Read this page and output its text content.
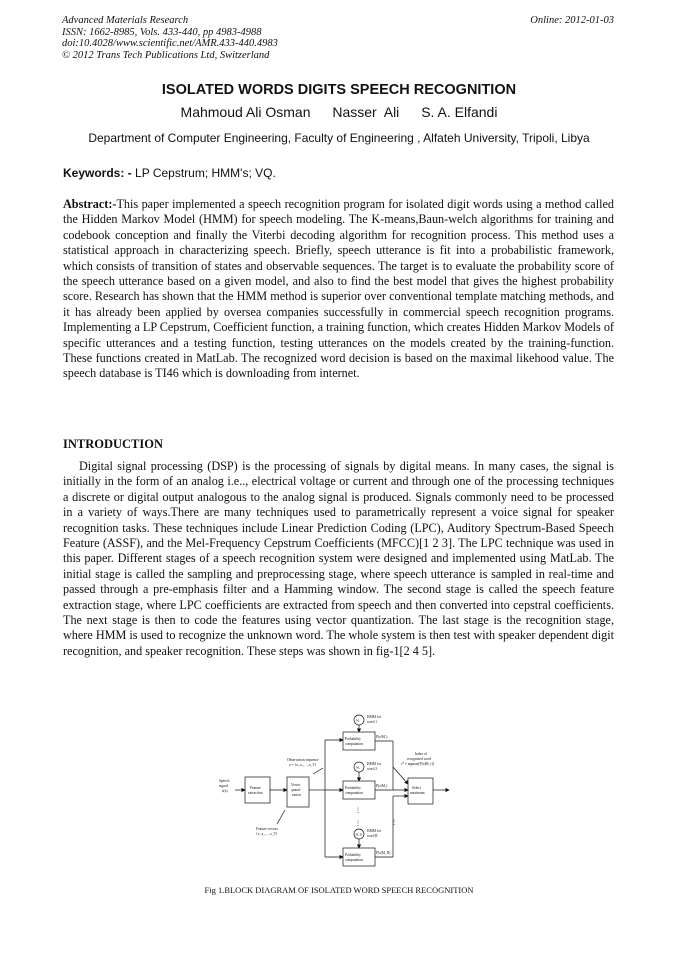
Advanced Materials Research
ISSN: 1662-8985, Vols. 433-440, pp 4983-4988
doi:10.4028/www.scientific.net/AMR.433-440.4983
© 2012 Trans Tech Publications Ltd, Switzerland
Online: 2012-01-03
ISOLATED WORDS DIGITS SPEECH RECOGNITION
Mahmoud Ali Osman Nasser  Ali S. A. Elfandi
Department of Computer Engineering, Faculty of Engineering , Alfateh University, Tripoli, Libya
Keywords: - LP Cepstrum; HMM's; VQ.
Abstract:-This paper implemented a speech recognition program for isolated digit words using a method called the Hidden Markov Model (HMM) for speech modeling. The K-means,Baun-welch algorithms for training and codebook conception and finally the Viterbi decoding algorithm for recognition process. This method uses a statistical approach in characterizing speech. Briefly, speech utterance is fit into a probabilistic framework, which consists of transition of states and observable sequences. The target is to evaluate the probability score of the speech utterance based on a given model, and also to find the best model that gives the highest probability score. Research has shown that the HMM method is superior over conventional template matching methods, and it has already been applied by oversea companies successfully in commercial speech recognition programs. Implementing a LP Cepstrum, Coefficient function, a training function, which creates Hidden Markov Models of specific utterances and a testing function, testing utterances on the models created by the training-function. These functions created in MatLab. The recognized word decision is based on the maximal likehood value. The speech database is TI46 which is downloading from internet.
INTRODUCTION
Digital signal processing (DSP) is the processing of signals by digital means. In many cases, the signal is initially in the form of an analog i.e.., electrical voltage or current and through one of the processing techniques a discrete or digital output analogous to the analog signal is produced. Signals commonly need to be processed in a variety of ways.There are many techniques used to parametrically represent a voice signal for speaker recognition tasks. These techniques include Linear Prediction Coding (LPC), Auditory Spectrum-Based Speech Feature (ASSF), and the Mel-Frequency Cepstrum Coefficients (MFCC)[1 2 3]. The LPC technique was used in this paper. Different stages of a speech recognition system were designed and implemented using MatLab. The initial stage is called the sampling and preprocessing stage, where speech utterance is sampled in real-time and passed through a pre-emphasis filter and a Hamming window. The second stage is called the speech feature extraction stage, where LPC coefficients are extracted from speech and then converted into cepstral coefficients. The next stage is then to code the features using vector quantization. The last stage is the recognition stage, where HMM is used to recognize the unknown word. The whole system is then test with speaker dependent digit recognition, and speaker recognition. These steps was shown in fig-1[2 4 5].
Speech
signal,
s(n)
Feature
extraction
Vector
quanti-
zation
Feature vectors
{x₁,x₂,…,x_T}
Observation sequence
o = {o₁,o₂,…,o_T}
Probability
computation
Probability
computation
Probability
computation
M₁
M₂
M_R
HMM for
word 1
HMM for
word 2
HMM for
word R
P(o|M₁)
P(o|M₂)
P(o|M_R)
Select
maximum
Index of
recognized word
r* = argmax[P(o|M_r)]
⋮
⋮	⋮
Fig 1.BLOCK DIAGRAM OF ISOLATED WORD SPEECH RECOGNITION
